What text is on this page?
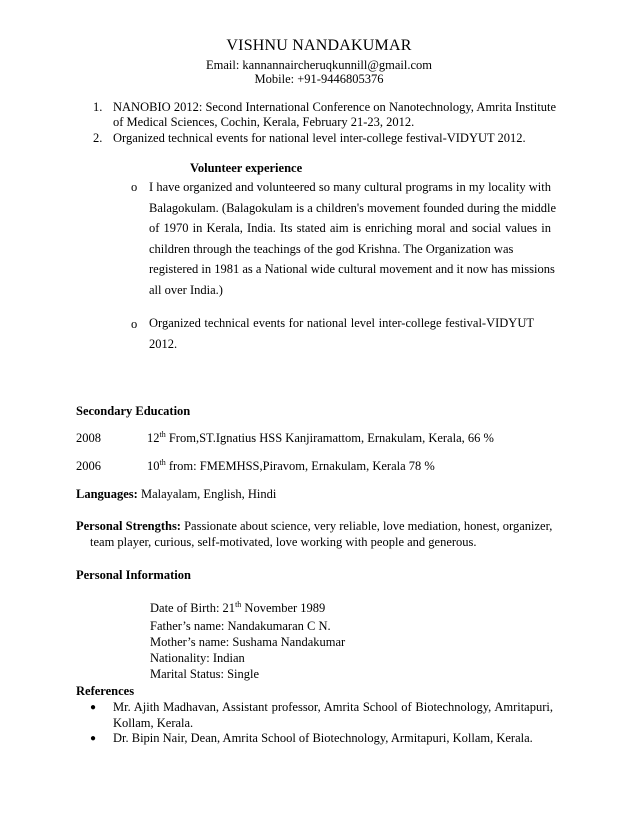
VISHNU NANDAKUMAR
Email: kannannaircheruqkunnill@gmail.com
Mobile: +91-9446805376
1. NANOBIO 2012: Second International Conference on Nanotechnology, Amrita Institute
of Medical Sciences, Cochin, Kerala, February 21-23, 2012.
2. Organized technical events for national level inter-college festival-VIDYUT 2012.
Volunteer experience
o I have organized and volunteered so many cultural programs in my locality with
Balagokulam. (Balagokulam is a children's movement founded during the middle
of 1970 in Kerala, India. Its stated aim is enriching moral and social values in
children through the teachings of the god Krishna. The Organization was
registered in 1981 as a National wide cultural movement and it now has missions
all over India.)
o Organized technical events for national level inter-college festival-VIDYUT
2012.
Secondary Education
2008	12th From,ST.Ignatius HSS Kanjiramattom, Ernakulam, Kerala, 66 %
2006	10th from: FMEMHSS,Piravom, Ernakulam, Kerala 78 %
Languages: Malayalam, English, Hindi
Personal Strengths: Passionate about science, very reliable, love mediation, honest, organizer,
team player, curious, self-motivated, love working with people and generous.
Personal Information
Date of Birth: 21th November 1989
Father’s name: Nandakumaran C N.
Mother’s name: Sushama Nandakumar
Nationality: Indian
Marital Status: Single
References
● Mr. Ajith Madhavan, Assistant professor, Amrita School of Biotechnology, Amritapuri,
Kollam, Kerala.
● Dr. Bipin Nair, Dean, Amrita School of Biotechnology, Armitapuri, Kollam, Kerala.
